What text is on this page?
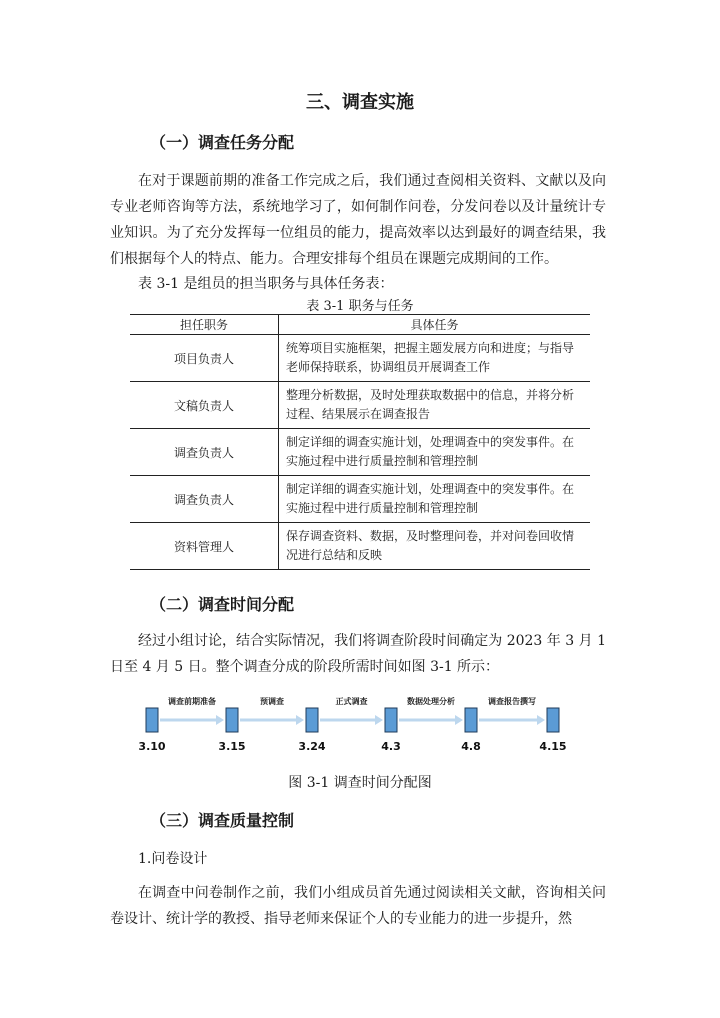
三、调查实施
（一）调查任务分配

在对于课题前期的准备工作完成之后，我们通过查阅相关资料、文献以及向专业老师咨询等方法，系统地学习了，如何制作问卷，分发问卷以及计量统计专业知识。为了充分发挥每一位组员的能力，提高效率以达到最好的调查结果，我们根据每个人的特点、能力。合理安排每个组员在课题完成期间的工作。

表 3-1 是组员的担当职务与具体任务表：
表 3-1 职务与任务
担任职务	具体任务
项目负责人	统筹项目实施框架，把握主题发展方向和进度；与指导老师保持联系，协调组员开展调查工作
文稿负责人	整理分析数据，及时处理获取数据中的信息，并将分析过程、结果展示在调查报告
调查负责人	制定详细的调查实施计划，处理调查中的突发事件。在实施过程中进行质量控制和管理控制
调查负责人	制定详细的调查实施计划，处理调查中的突发事件。在实施过程中进行质量控制和管理控制
资料管理人	保存调查资料、数据，及时整理问卷，并对问卷回收情况进行总结和反映
（二）调查时间分配

经过小组讨论，结合实际情况，我们将调查阶段时间确定为 2023 年 3 月 1 日至 4 月 5 日。整个调查分成的阶段所需时间如图 3-1 所示：

调查前期准备	预调查	正式调查	数据处理分析	调查报告撰写
3.10	3.15	3.24	4.3	4.8	4.15
图 3-1 调查时间分配图
（三）调查质量控制
1.问卷设计

在调查中问卷制作之前，我们小组成员首先通过阅读相关文献，咨询相关问卷设计、统计学的教授、指导老师来保证个人的专业能力的进一步提升，然
